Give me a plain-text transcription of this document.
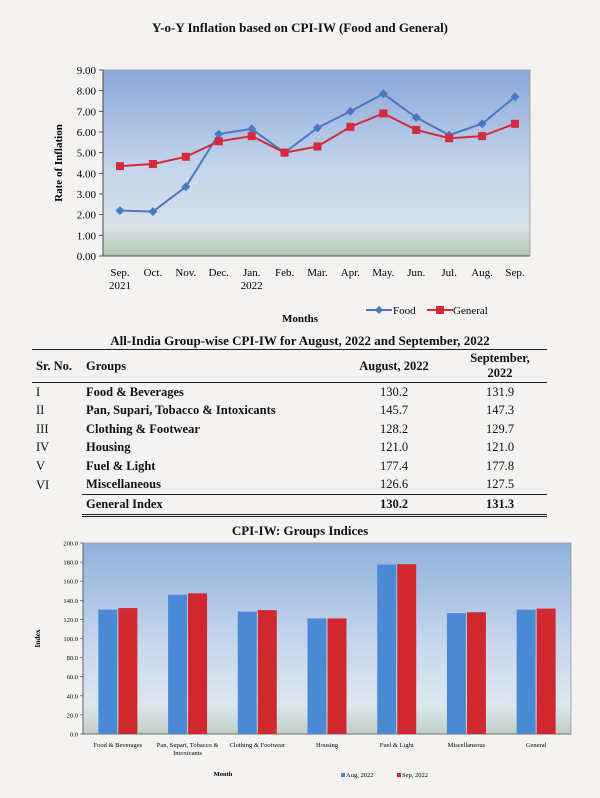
Y-o-Y Inflation based on CPI-IW (Food and General)
0.00
1.00
2.00
3.00
4.00
5.00
6.00
7.00
8.00
9.00
Sep.
2021
Oct. Nov. Dec. Jan.
2022
Feb. Mar. Apr. May. Jun. Jul. Aug. Sep.
Rate of Inflation
Months
Food	General
All-India Group-wise CPI-IW for August, 2022 and September, 2022
Sr. No.	Groups	August, 2022	September, 2022
I	Food & Beverages	130.2	131.9
II	Pan, Supari, Tobacco & Intoxicants	145.7	147.3
III	Clothing & Footwear	128.2	129.7
IV	Housing	121.0	121.0
V	Fuel & Light	177.4	177.8
VI	Miscellaneous	126.6	127.5
	General Index	130.2	131.3
CPI-IW: Groups Indices
0.0
20.0
40.0
60.0
80.0
100.0
120.0
140.0
160.0
180.0
200.0
Food & Beverages Pan, Supari, Tobacco &
Intoxicants
Clothing & Footwear	Housing	Fuel & Light	Miscellaneous	General
Index
Month	Aug, 2022	Sep, 2022
